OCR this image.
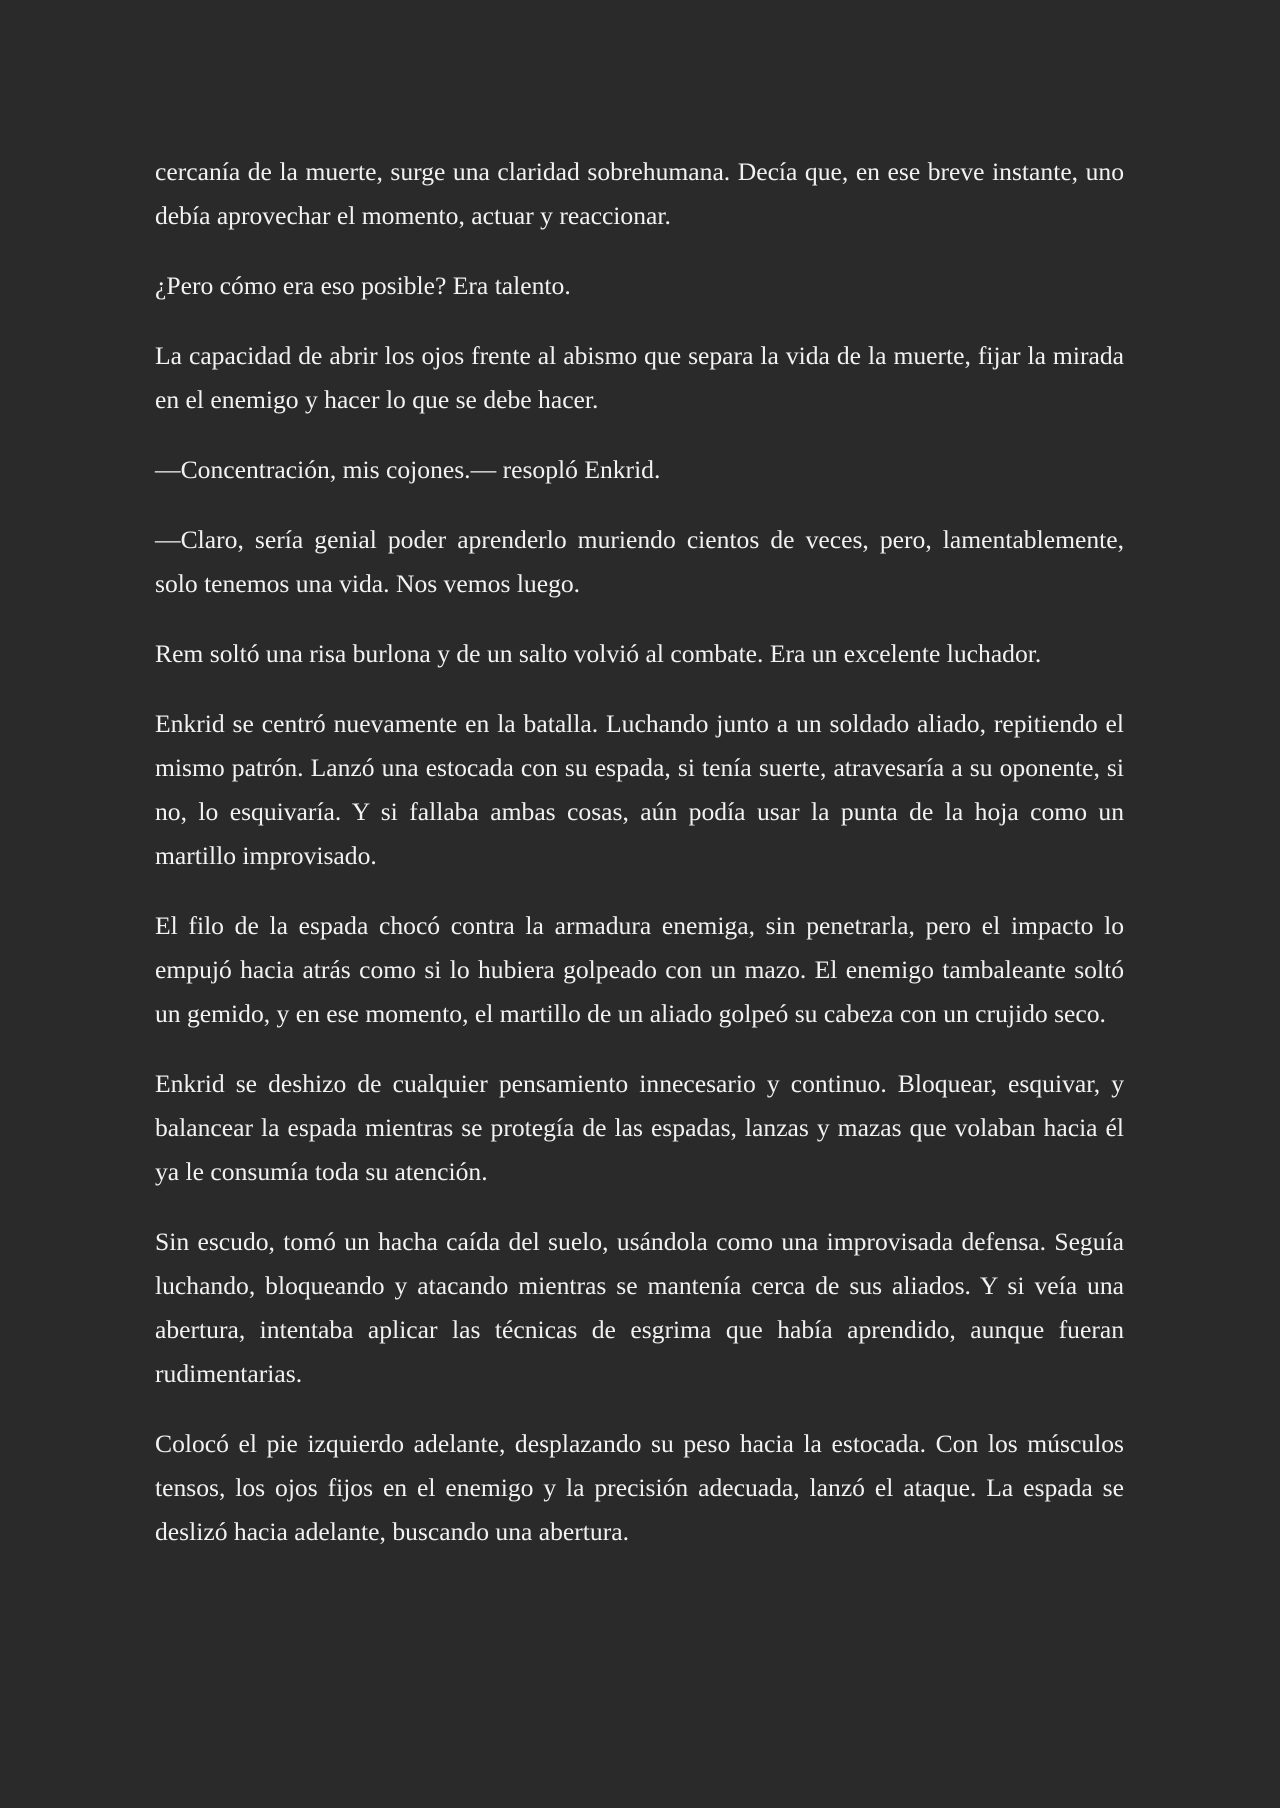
cercanía de la muerte, surge una claridad sobrehumana. Decía que, en ese breve instante, uno debía aprovechar el momento, actuar y reaccionar.

¿Pero cómo era eso posible? Era talento.

La capacidad de abrir los ojos frente al abismo que separa la vida de la muerte, fijar la mirada en el enemigo y hacer lo que se debe hacer.

—Concentración, mis cojones.— resopló Enkrid.

—Claro, sería genial poder aprenderlo muriendo cientos de veces, pero, lamentablemente, solo tenemos una vida. Nos vemos luego.

Rem soltó una risa burlona y de un salto volvió al combate. Era un excelente luchador.

Enkrid se centró nuevamente en la batalla. Luchando junto a un soldado aliado, repitiendo el mismo patrón. Lanzó una estocada con su espada, si tenía suerte, atravesaría a su oponente, si no, lo esquivaría. Y si fallaba ambas cosas, aún podía usar la punta de la hoja como un martillo improvisado.

El filo de la espada chocó contra la armadura enemiga, sin penetrarla, pero el impacto lo empujó hacia atrás como si lo hubiera golpeado con un mazo. El enemigo tambaleante soltó un gemido, y en ese momento, el martillo de un aliado golpeó su cabeza con un crujido seco.

Enkrid se deshizo de cualquier pensamiento innecesario y continuo. Bloquear, esquivar, y balancear la espada mientras se protegía de las espadas, lanzas y mazas que volaban hacia él ya le consumía toda su atención.

Sin escudo, tomó un hacha caída del suelo, usándola como una improvisada defensa. Seguía luchando, bloqueando y atacando mientras se mantenía cerca de sus aliados. Y si veía una abertura, intentaba aplicar las técnicas de esgrima que había aprendido, aunque fueran rudimentarias.

Colocó el pie izquierdo adelante, desplazando su peso hacia la estocada. Con los músculos tensos, los ojos fijos en el enemigo y la precisión adecuada, lanzó el ataque. La espada se deslizó hacia adelante, buscando una abertura.
